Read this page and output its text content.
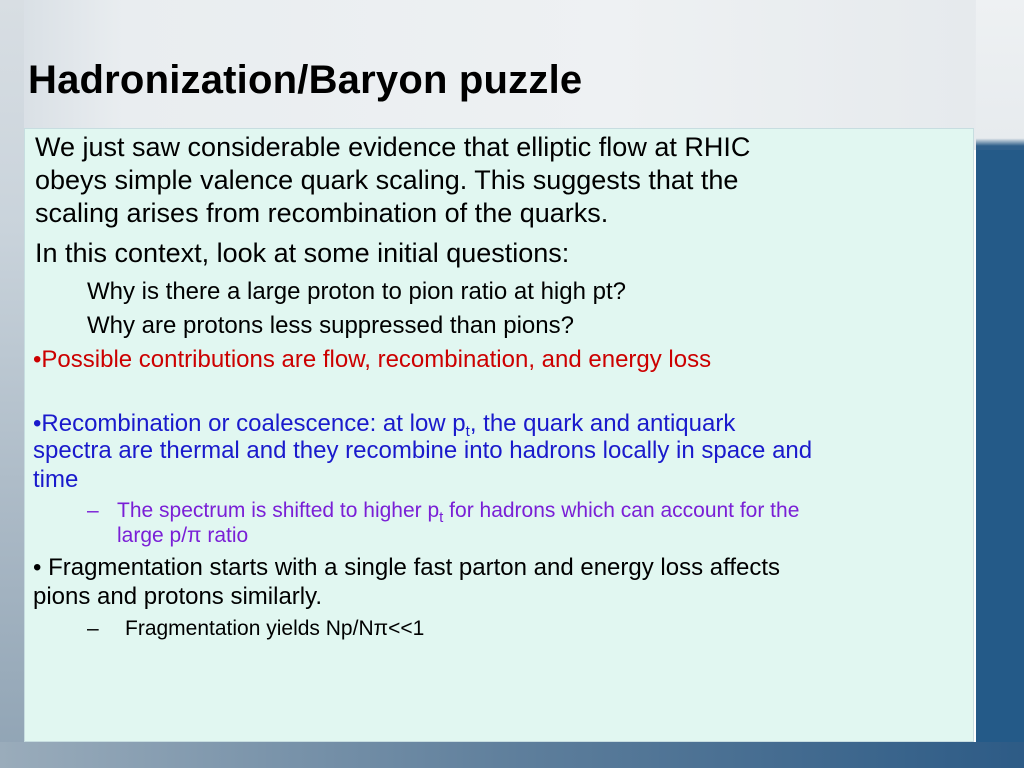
Hadronization/Baryon puzzle
We just saw considerable evidence that elliptic flow at RHIC
obeys simple valence quark scaling. This suggests that the
scaling arises from recombination of the quarks.
In this context, look at some initial questions:
Why is there a large proton to pion ratio at high pt?
Why are protons less suppressed than pions?
•Possible contributions are flow, recombination, and energy loss
•Recombination or coalescence: at low $p_t$, the quark and antiquark
spectra are thermal and they recombine into hadrons locally in space and
time
– The spectrum is shifted to higher $p_t$ for hadrons which can account for the
large p/π ratio
• Fragmentation starts with a single fast parton and energy loss affects
pions and protons similarly.
– Fragmentation yields Np/Nπ<<1
